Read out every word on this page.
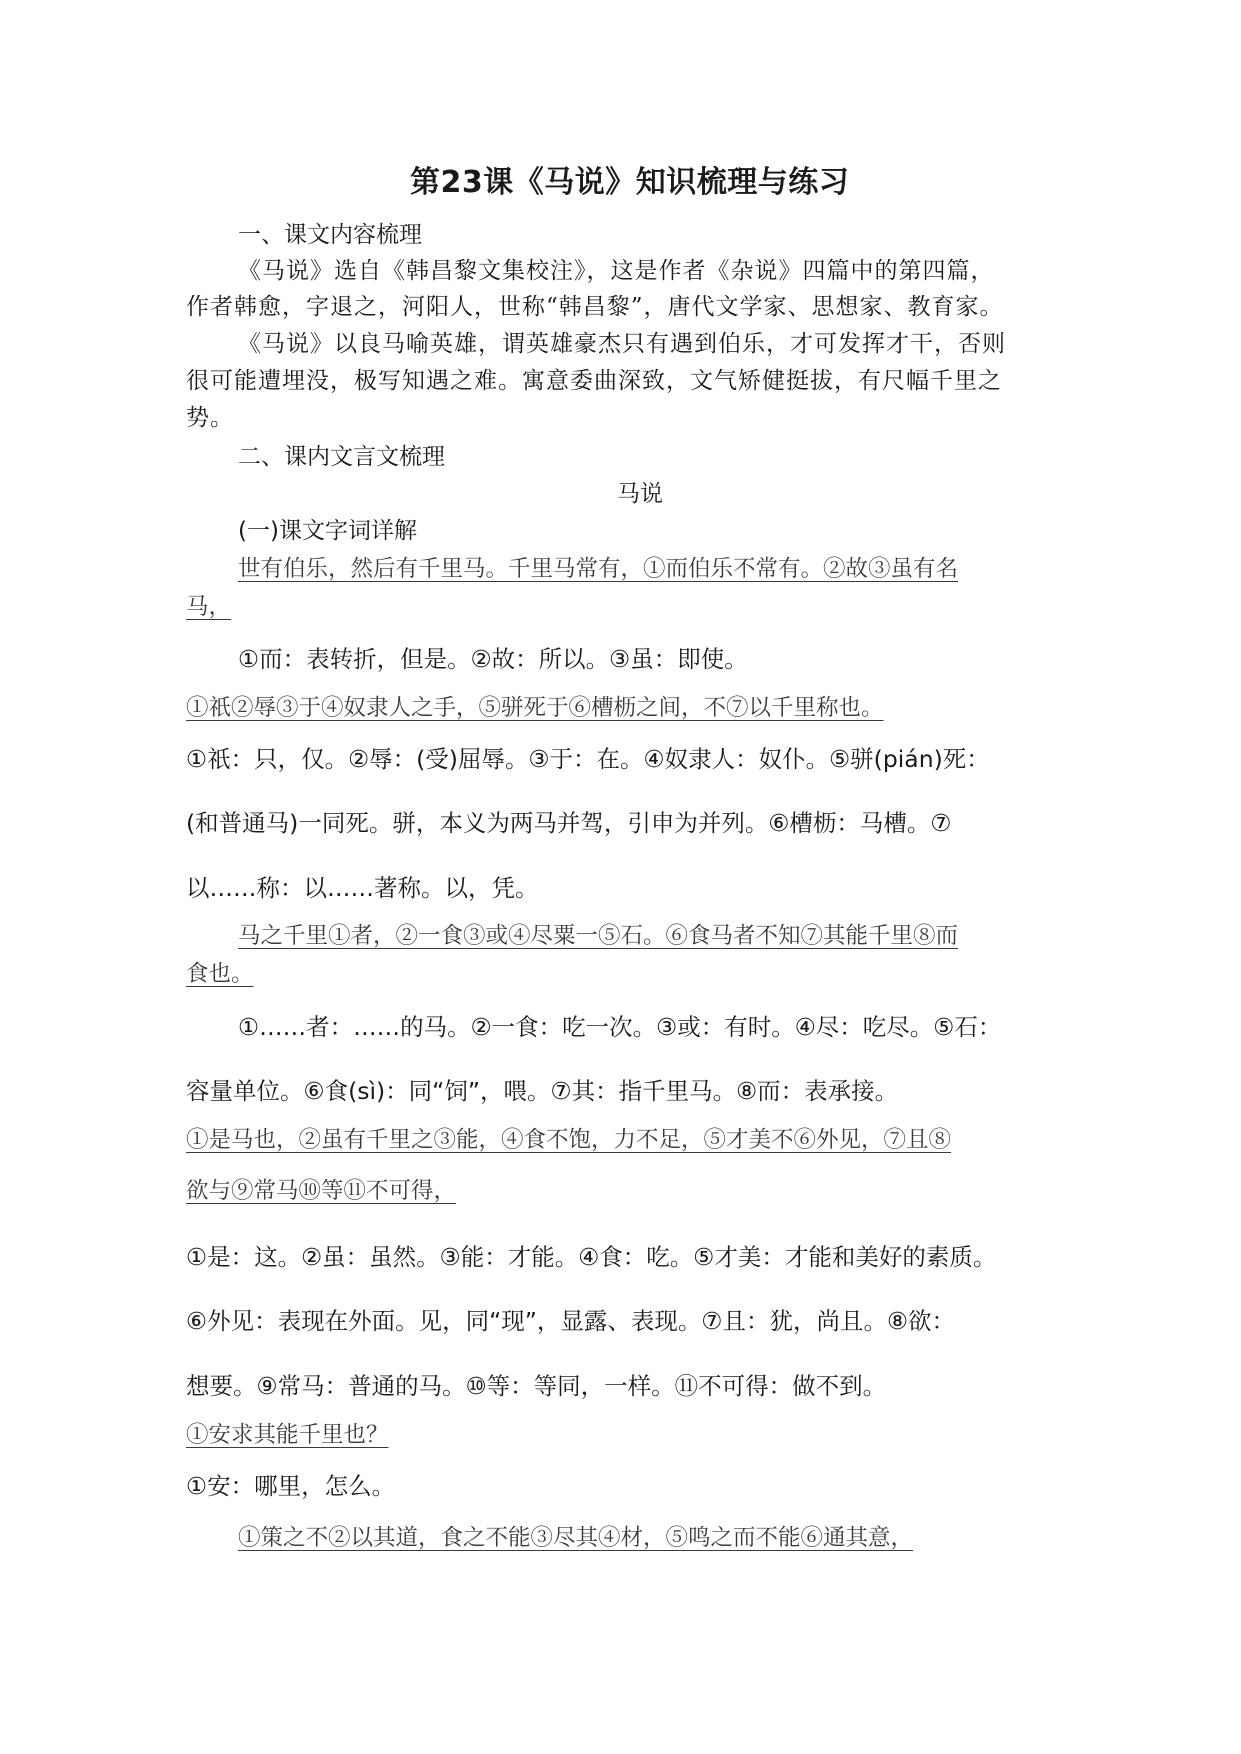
第23课《马说》知识梳理与练习
一、课文内容梳理
《马说》选自《韩昌黎文集校注》，这是作者《杂说》四篇中的第四篇，
作者韩愈，字退之，河阳人，世称“韩昌黎”，唐代文学家、思想家、教育家。
《马说》以良马喻英雄，谓英雄豪杰只有遇到伯乐，才可发挥才干，否则
很可能遭埋没，极写知遇之难。寓意委曲深致，文气矫健挺拔，有尺幅千里之
势。
二、课内文言文梳理
马说
(一)课文字词详解
世有伯乐，然后有千里马。千里马常有，①而伯乐不常有。②故③虽有名
马，
①而：表转折，但是。②故：所以。③虽：即使。
①祇②辱③于④奴隶人之手，⑤骈死于⑥槽枥之间，不⑦以千里称也。
①祇：只，仅。②辱：(受)屈辱。③于：在。④奴隶人：奴仆。⑤骈(pián)死：
(和普通马)一同死。骈，本义为两马并驾，引申为并列。⑥槽枥：马槽。⑦
以……称：以……著称。以，凭。
马之千里①者，②一食③或④尽粟一⑤石。⑥食马者不知⑦其能千里⑧而
食也。
①……者：……的马。②一食：吃一次。③或：有时。④尽：吃尽。⑤石：
容量单位。⑥食(sì)：同“饲”，喂。⑦其：指千里马。⑧而：表承接。
①是马也，②虽有千里之③能，④食不饱，力不足，⑤才美不⑥外见，⑦且⑧
欲与⑨常马⑩等⑪不可得，
①是：这。②虽：虽然。③能：才能。④食：吃。⑤才美：才能和美好的素质。
⑥外见：表现在外面。见，同“现”，显露、表现。⑦且：犹，尚且。⑧欲：
想要。⑨常马：普通的马。⑩等：等同，一样。⑪不可得：做不到。
①安求其能千里也？
①安：哪里，怎么。
①策之不②以其道，食之不能③尽其④材，⑤鸣之而不能⑥通其意，
